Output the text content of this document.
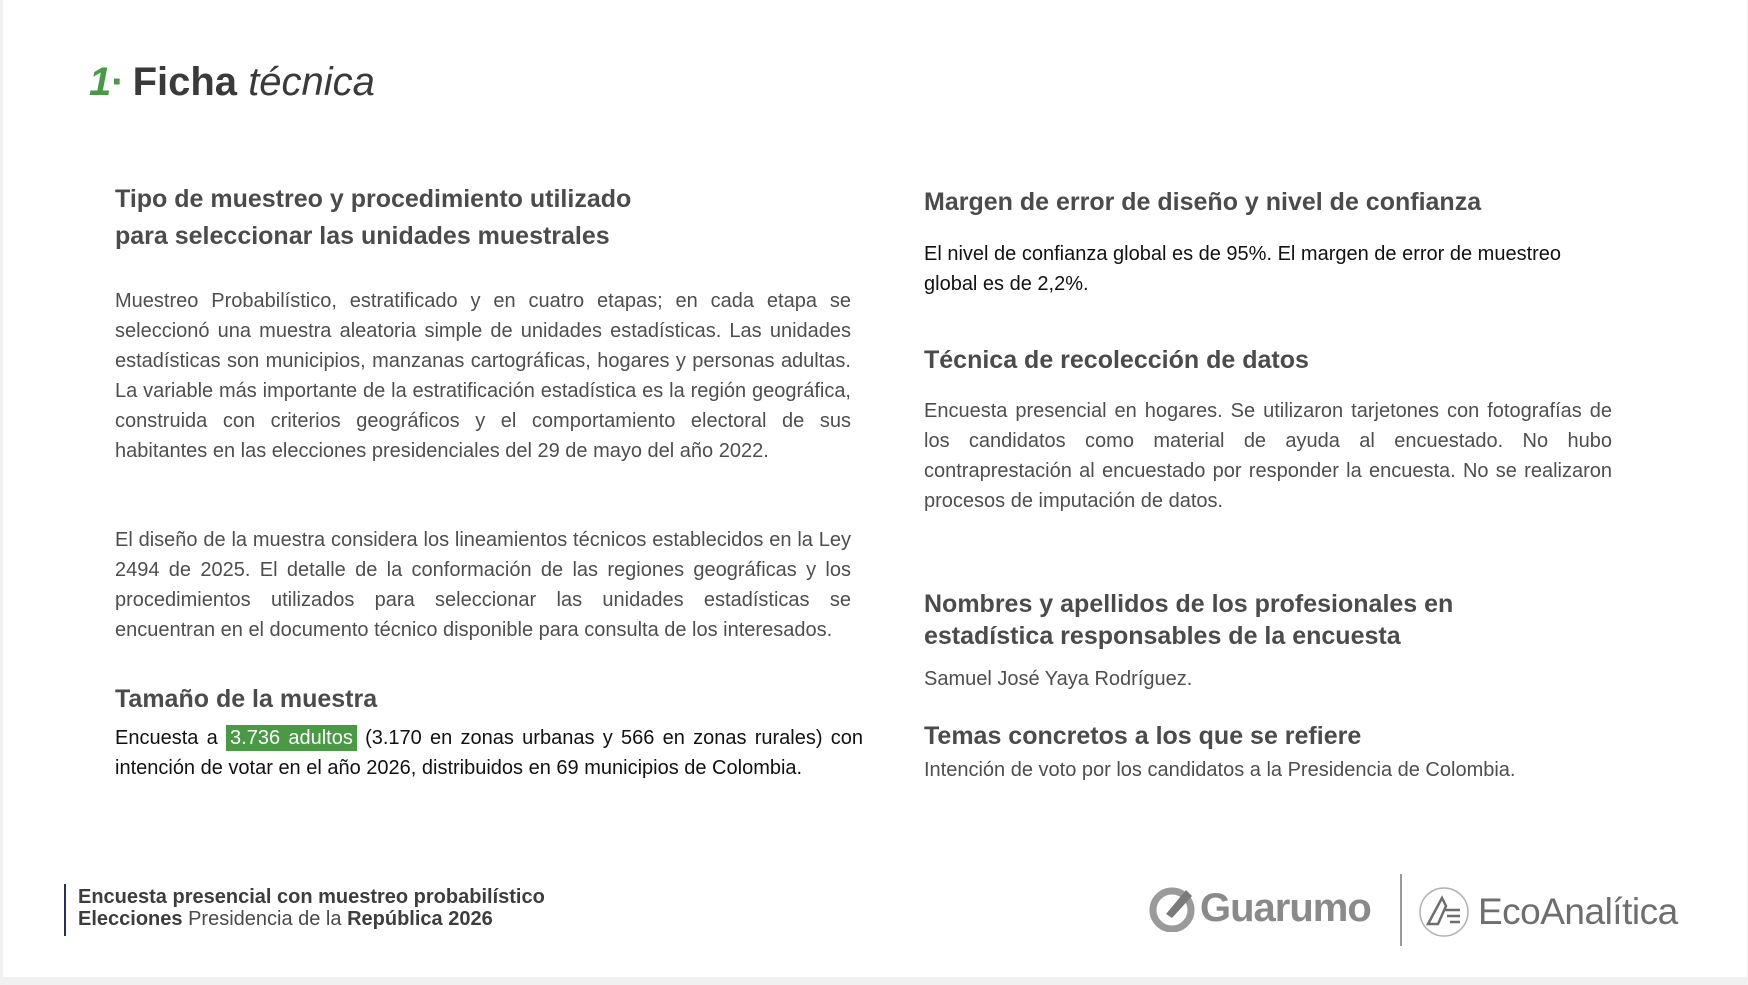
1· Ficha técnica
Tipo de muestreo y procedimiento utilizado
para seleccionar las unidades muestrales

Muestreo Probabilístico, estratificado y en cuatro etapas; en cada etapa se seleccionó una muestra aleatoria simple de unidades estadísticas. Las unidades estadísticas son municipios, manzanas cartográficas, hogares y personas adultas. La variable más importante de la estratificación estadística es la región geográfica, construida con criterios geográficos y el comportamiento electoral de sus habitantes en las elecciones presidenciales del 29 de mayo del año 2022.

El diseño de la muestra considera los lineamientos técnicos establecidos en la Ley 2494 de 2025. El detalle de la conformación de las regiones geográficas y los procedimientos utilizados para seleccionar las unidades estadísticas se encuentran en el documento técnico disponible para consulta de los interesados.

Tamaño de la muestra

Encuesta a 3.736 adultos (3.170 en zonas urbanas y 566 en zonas rurales) con intención de votar en el año 2026, distribuidos en 69 municipios de Colombia.

Margen de error de diseño y nivel de confianza

El nivel de confianza global es de 95%. El margen de error de muestreo global es de 2,2%.

Técnica de recolección de datos

Encuesta presencial en hogares. Se utilizaron tarjetones con fotografías de los candidatos como material de ayuda al encuestado. No hubo contraprestación al encuestado por responder la encuesta. No se realizaron procesos de imputación de datos.

Nombres y apellidos de los profesionales en
estadística responsables de la encuesta

Samuel José Yaya Rodríguez.

Temas concretos a los que se refiere

Intención de voto por los candidatos a la Presidencia de Colombia.

Encuesta presencial con muestreo probabilístico
Elecciones Presidencia de la República 2026	Guarumo	EcoAnalítica
